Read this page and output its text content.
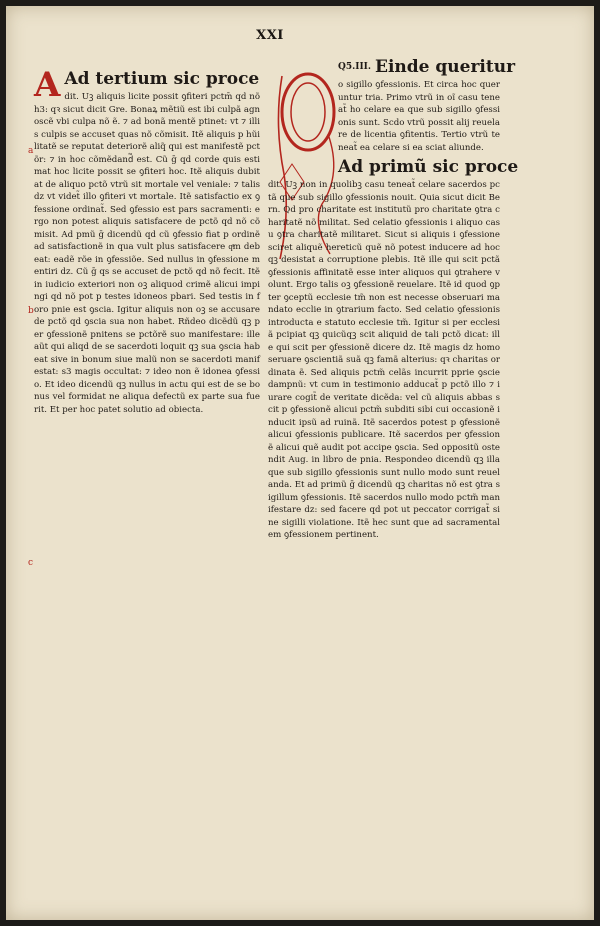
XXI
A Ad tertium sic proce
dit. Uꝫ aliquis licite possit ꝯfiteri pctm̄ qd nõ h3: qꝛ sicut dicit Gre. Bonaꝝ mẽtiũ est ibi culpã agnoscẽ vbi culpa nõ ẽ. ⁊ ad bonã mentẽ ptinet: vt ⁊ illis culpis se accuset quas nõ cõmisit. Itẽ aliquis p hũilitatẽ se reputat deteriorẽ aliq̃ qui est manifestẽ pctõr: ⁊ in hoc cõmẽdand᷑ est. Cũ ḡ qd corde quis estimat hoc licite possit se ꝯfiteri hoc. Itẽ aliquis dubitat de aliquo pctõ vtrũ sit mortale vel veniale: ⁊ talis dz vt videt̃ illo ꝯfiteri vt mortale. Itẽ satisfactio ex ꝯfessione ordinat̃. Sed ꝯfessio est pars sacramenti: ergo non potest aliquis satisfacere de pctõ qd nõ cõmisit. Ad pmũ ḡ dicendũ qd cũ ꝯfessio fiat p ordinẽ ad satisfactionẽ in qua vult plus satisfacere qͣm debeat: eadẽ rõe in ꝯfessiõe. Sed nullus in ꝯfessione mentiri dz. Cũ ḡ qs se accuset de pctõ qd nõ fecit. Itẽ in iudicio exteriori non oꝫ aliquod crimẽ alicui impingi qd nõ pot p testes idoneos pbari. Sed testis in foro pnie est ꝯscia. Igitur aliquis non oꝫ se accusare de pctõ qd ꝯscia sua non habet. Rñdeo dicẽdũ qꝫ per ꝯfessionẽ pnitens se pctõrẽ suo manifestare: ille aũt qui aliqd de se sacerdoti loquit qꝫ sua ꝯscia habeat sive in bonum siue malũ non se sacerdoti manifestat: s3 magis occultat: ⁊ ideo non ẽ idonea ꝯfessio. Et ideo dicendũ qꝫ nullus in actu qui est de se bonus vel formidat ne aliqua defectũ ex parte sua fuerit. Et per hoc patet solutio ad obiecta.
$^{Q5.III.}$ Einde queritur
o sigillo ꝯfessionis. Et circa hoc queruntur tria. Primo vtrũ in oĩ casu teneat̃ ho celare ea que sub sigillo ꝯfessionis sunt. Scdo vtrũ possit alij reuelare de licentia ꝯfitentis. Tertio vtrũ teneat̃ ea celare si ea sciat aliunde.
Ad primũ sic proce
dit. Uꝫ non in quolibꝫ casu teneat̃ celare sacerdos pctã que sub sigillo ꝯfessionis nouit. Quia sicut dicit Bern. Qd pro charitate est institutũ pro charitate ꝯtra charitatẽ nõ militat. Sed celatio ꝯfessionis i aliquo casu ꝯtra charitatẽ militaret. Sicut si aliquis i ꝯfessione sciret aliquẽ hereticũ quẽ nõ potest inducere ad hoc qꝫ desistat a corruptione plebis. Itẽ ille qui scit pctã ꝯfessionis affinitatẽ esse inter aliquos qui ꝯtrahere volunt. Ergo talis oꝫ ꝯfessionẽ reuelare. Itẽ id quod ꝯpter ꝯceptũ ecclesie tm̃ non est necesse obseruari mandato ecclie in ꝯtrarium facto. Sed celatio ꝯfessionis introducta e statuto ecclesie tm̃. Igitur si per ecclesiã pcipiat qꝫ quicũqꝫ scit aliquid de tali pctõ dicat: ille qui scit per ꝯfessionẽ dicere dz. Itẽ magis dz homo seruare ꝯscientiã suã qꝫ famã alterius: qꝛ charitas ordinata ẽ. Sed aliquis pctm̃ celãs incurrit pprie ꝯscie dampnũ: vt cum in testimonio adducat̃ p pctõ illo ⁊ iurare cogit̃ de veritate dicẽda: vel cũ aliquis abbas scit p ꝯfessionẽ alicui pctm̃ subditi sibi cui occasionẽ inducit ipsũ ad ruinã. Itẽ sacerdos potest p ꝯfessionẽ alicui ꝯfessionis publicare. Itẽ sacerdos per ꝯfessionẽ alicui quẽ audit pot accipe ꝯscia. Sed oppositũ ostendit Aug. in libro de pnia. Respondeo dicendũ qꝫ illa que sub sigillo ꝯfessionis sunt nullo modo sunt reuelanda. Et ad primũ ḡ dicendũ qꝫ charitas nõ est ꝯtra sigillum ꝯfessionis. Itẽ sacerdos nullo modo pctm̃ manifestare dz: sed facere qd pot ut peccator corrigat̃ sine sigilli violatione. Itẽ hec sunt que ad sacramentalem ꝯfessionem pertinent.
a
b
c
